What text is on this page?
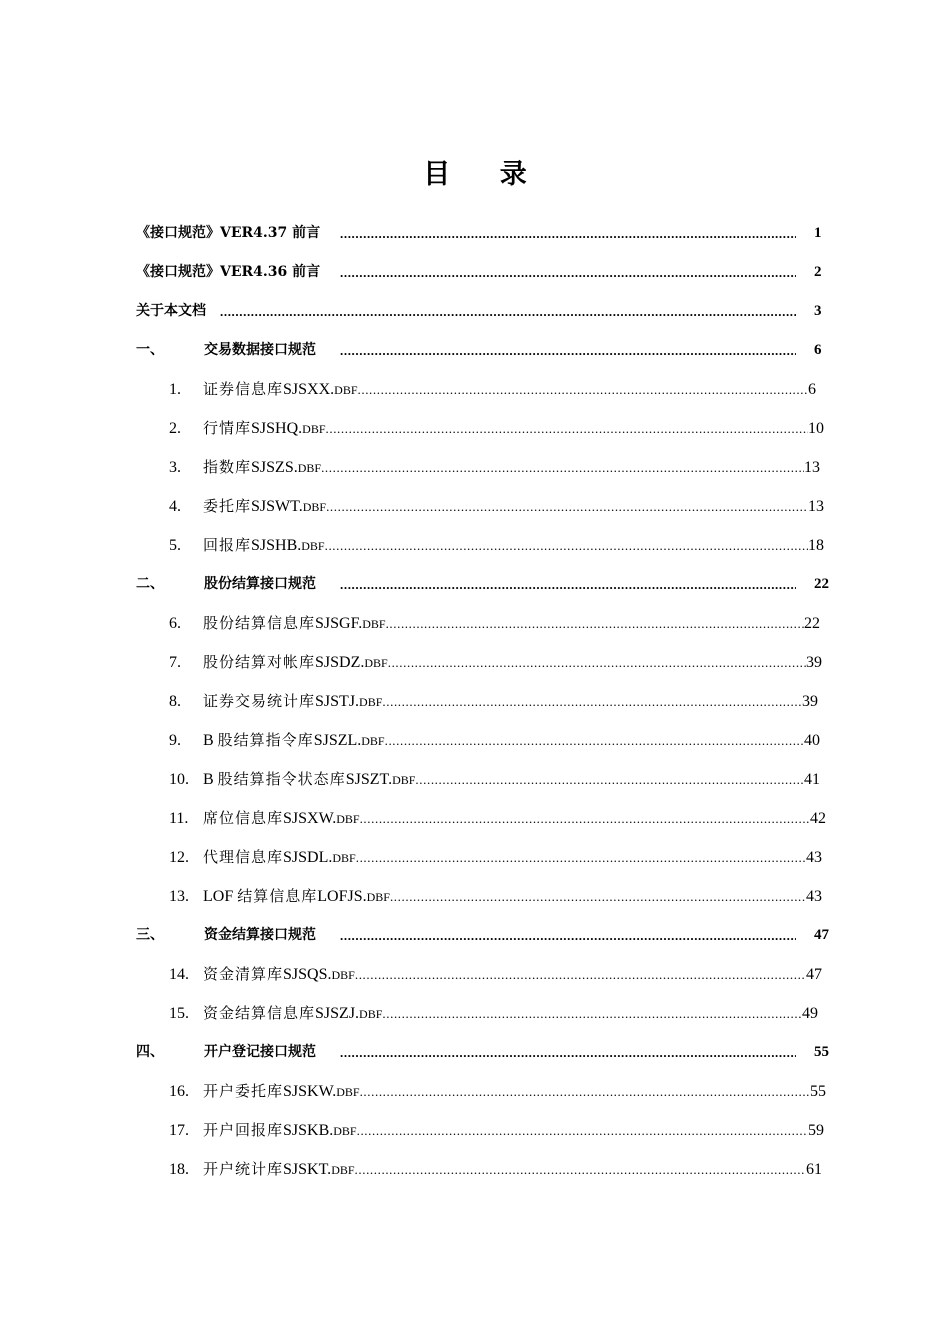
目 录
《接口规范》VER4.37 前言 .....	1
《接口规范》VER4.36 前言 .....	2
关于本文档 .....	3
一、	交易数据接口规范 .....	6
1. 证券信息库SJSXX.DBF .....	6
2. 行情库SJSHQ.DBF .....	10
3. 指数库SJSZS.DBF .....	13
4. 委托库SJSWT.DBF .....	13
5. 回报库SJSHB.DBF .....	18
二、	股份结算接口规范 .....	22
6. 股份结算信息库SJSGF.DBF .....	22
7. 股份结算对帐库SJSDZ.DBF .....	39
8. 证券交易统计库SJSTJ.DBF .....	39
9. B 股结算指令库SJSZL.DBF .....	40
10. B 股结算指令状态库SJSZT.DBF .....	41
11. 席位信息库SJSXW.DBF .....	42
12. 代理信息库SJSDL.DBF .....	43
13. LOF 结算信息库LOFJS.DBF .....	43
三、	资金结算接口规范 .....	47
14. 资金清算库SJSQS.DBF .....	47
15. 资金结算信息库SJSZJ.DBF .....	49
四、	开户登记接口规范 .....	55
16. 开户委托库SJSKW.DBF .....	55
17. 开户回报库SJSKB.DBF .....	59
18. 开户统计库SJSKT.DBF .....	61
